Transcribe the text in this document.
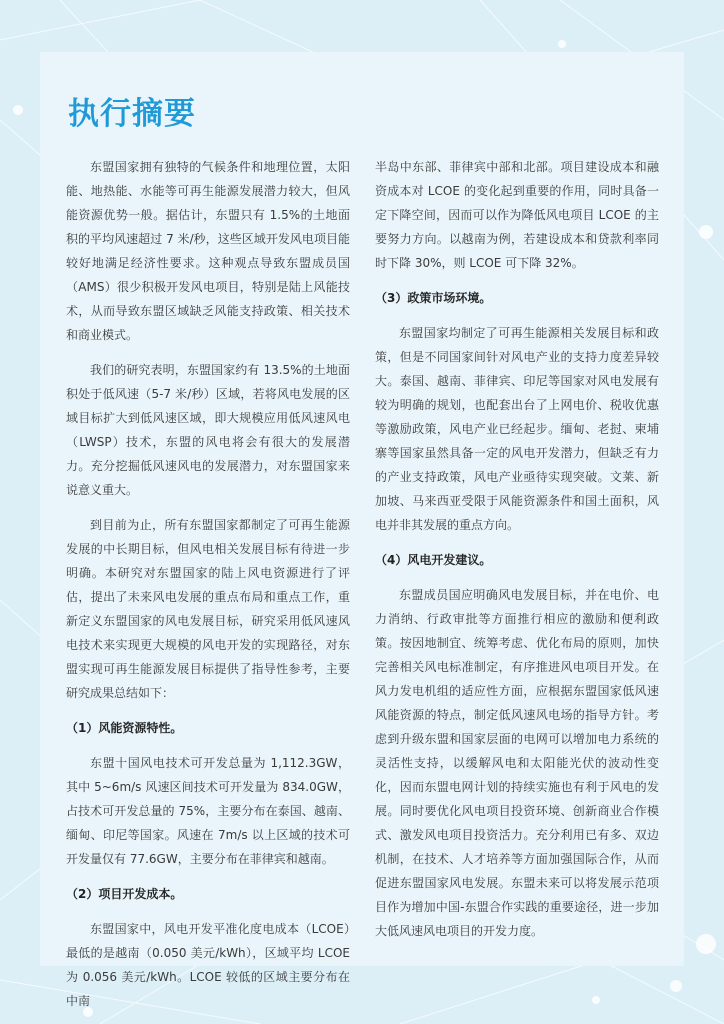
执行摘要

东盟国家拥有独特的气候条件和地理位置，太阳能、地热能、水能等可再生能源发展潜力较大，但风能资源优势一般。据估计，东盟只有 1.5%的土地面积的平均风速超过 7 米/秒，这些区域开发风电项目能较好地满足经济性要求。这种观点导致东盟成员国（AMS）很少积极开发风电项目，特别是陆上风能技术，从而导致东盟区域缺乏风能支持政策、相关技术和商业模式。

我们的研究表明，东盟国家约有 13.5%的土地面积处于低风速（5-7 米/秒）区域，若将风电发展的区域目标扩大到低风速区域，即大规模应用低风速风电（LWSP）技术，东盟的风电将会有很大的发展潜力。充分挖掘低风速风电的发展潜力，对东盟国家来说意义重大。

到目前为止，所有东盟国家都制定了可再生能源发展的中长期目标，但风电相关发展目标有待进一步明确。本研究对东盟国家的陆上风电资源进行了评估，提出了未来风电发展的重点布局和重点工作，重新定义东盟国家的风电发展目标，研究采用低风速风电技术来实现更大规模的风电开发的实现路径，对东盟实现可再生能源发展目标提供了指导性参考，主要研究成果总结如下：

（1）风能资源特性。

东盟十国风电技术可开发总量为 1,112.3GW，其中 5~6m/s 风速区间技术可开发量为 834.0GW，占技术可开发总量的 75%，主要分布在泰国、越南、缅甸、印尼等国家。风速在 7m/s 以上区域的技术可开发量仅有 77.6GW，主要分布在菲律宾和越南。

（2）项目开发成本。

东盟国家中，风电开发平准化度电成本（LCOE）最低的是越南（0.050 美元/kWh），区域平均 LCOE 为 0.056 美元/kWh。LCOE 较低的区域主要分布在中南

半岛中东部、菲律宾中部和北部。项目建设成本和融资成本对 LCOE 的变化起到重要的作用，同时具备一定下降空间，因而可以作为降低风电项目 LCOE 的主要努力方向。以越南为例，若建设成本和贷款利率同时下降 30%，则 LCOE 可下降 32%。

（3）政策市场环境。

东盟国家均制定了可再生能源相关发展目标和政策，但是不同国家间针对风电产业的支持力度差异较大。泰国、越南、菲律宾、印尼等国家对风电发展有较为明确的规划，也配套出台了上网电价、税收优惠等激励政策，风电产业已经起步。缅甸、老挝、柬埔寨等国家虽然具备一定的风电开发潜力，但缺乏有力的产业支持政策，风电产业亟待实现突破。文莱、新加坡、马来西亚受限于风能资源条件和国土面积，风电并非其发展的重点方向。

（4）风电开发建议。

东盟成员国应明确风电发展目标，并在电价、电力消纳、行政审批等方面推行相应的激励和便利政策。按因地制宜、统筹考虑、优化布局的原则，加快完善相关风电标准制定，有序推进风电项目开发。在风力发电机组的适应性方面，应根据东盟国家低风速风能资源的特点，制定低风速风电场的指导方针。考虑到升级东盟和国家层面的电网可以增加电力系统的灵活性支持，以缓解风电和太阳能光伏的波动性变化，因而东盟电网计划的持续实施也有利于风电的发展。同时要优化风电项目投资环境、创新商业合作模式、激发风电项目投资活力。充分利用已有多、双边机制，在技术、人才培养等方面加强国际合作，从而促进东盟国家风电发展。东盟未来可以将发展示范项目作为增加中国-东盟合作实践的重要途径，进一步加大低风速风电项目的开发力度。
